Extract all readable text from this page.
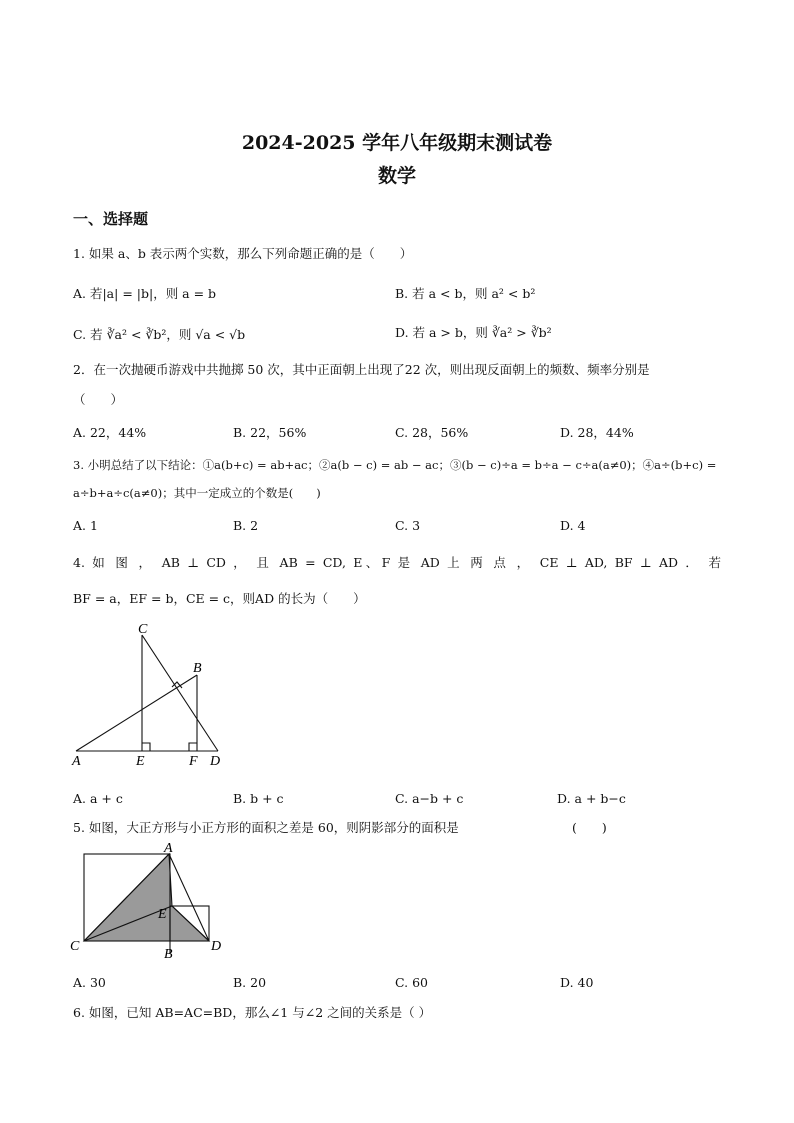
2024-2025 学年八年级期末测试卷
数学
一、选择题
1. 如果 a、b 表示两个实数，那么下列命题正确的是（　　）
A. 若|a| = |b|，则 a = b	B. 若 a < b，则 a² < b²
C. 若 ∛a² < ∛b²，则 √a < √b	D. 若 a > b，则 ∛a² > ∛b²
2．在一次抛硬币游戏中共抛掷 50 次，其中正面朝上出现了22 次，则出现反面朝上的频数、频率分别是
（　　）
A. 22，44%	B. 22，56%	C. 28，56%	D. 28，44%
3. 小明总结了以下结论：①a(b+c) = ab+ac；②a(b − c) = ab − ac；③(b − c)÷a = b÷a − c÷a(a≠0)；④a÷(b+c) =
a÷b+a÷c(a≠0)；其中一定成立的个数是(　　)
A. 1	B. 2	C. 3	D. 4
4. 如 图 ， AB ⊥ CD ， 且 AB = CD, E、F 是 AD 上 两 点 ， CE ⊥ AD, BF ⊥ AD ． 若
BF = a，EF = b，CE = c，则AD 的长为（　　）
C
B
A	E	F D
A. a + c	B. b + c	C. a−b + c	D. a + b−c
5. 如图，大正方形与小正方形的面积之差是 60，则阴影部分的面积是	(　　)
A
E
C
B
D
A. 30	B. 20	C. 60	D. 40
6. 如图，已知 AB=AC=BD，那么∠1 与∠2 之间的关系是（ ）
